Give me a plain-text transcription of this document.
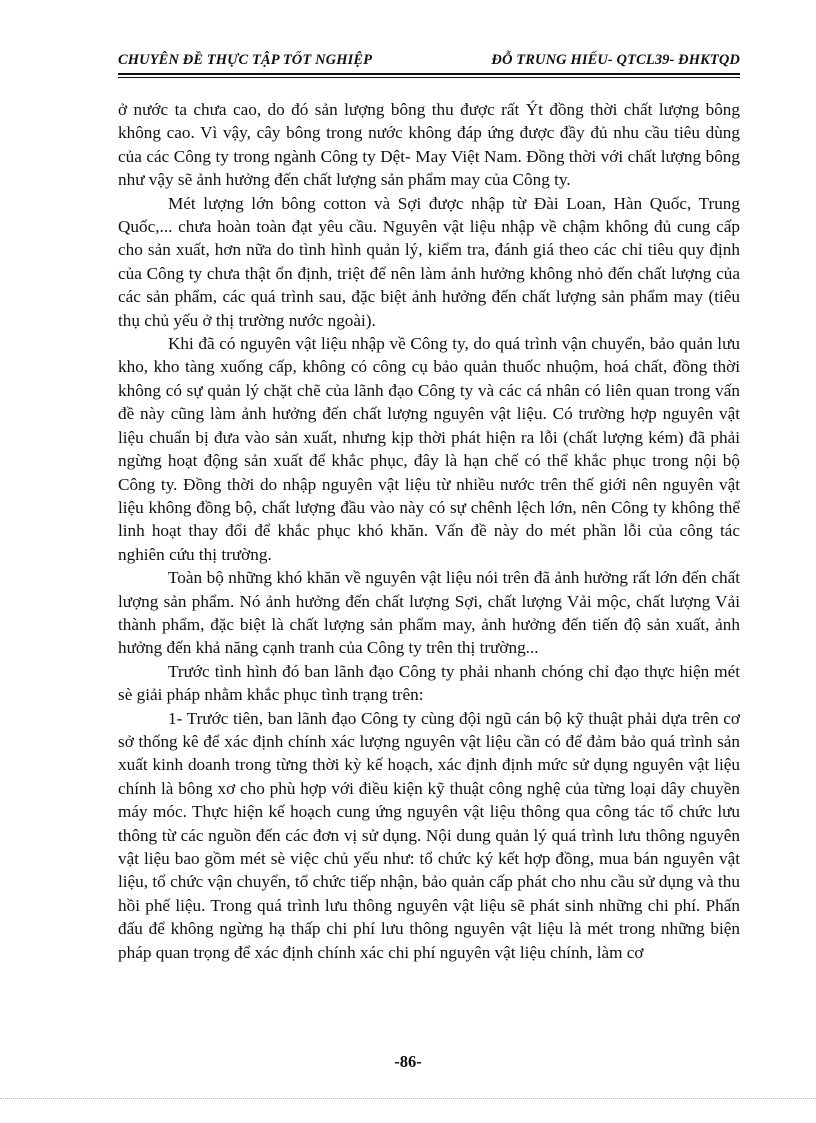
CHUYÊN ĐỀ THỰC TẬP TỐT NGHIỆP	ĐỖ TRUNG HIẾU- QTCL39- ĐHKTQD

ở nước ta chưa cao, do đó sản lượng bông thu được rất Ýt đồng thời chất lượng bông không cao. Vì vậy, cây bông trong nước không đáp ứng được đầy đủ nhu cầu tiêu dùng của các Công ty trong ngành Công ty Dệt- May Việt Nam. Đồng thời với chất lượng bông như vậy sẽ ảnh hưởng đến chất lượng sản phẩm may của Công ty.

Mét lượng lớn bông cotton và Sợi được nhập từ Đài Loan, Hàn Quốc, Trung Quốc,... chưa hoàn toàn đạt yêu cầu. Nguyên vật liệu nhập về chậm không đủ cung cấp cho sản xuất, hơn nữa do tình hình quản lý, kiểm tra, đánh giá theo các chỉ tiêu quy định của Công ty chưa thật ổn định, triệt để nên làm ảnh hưởng không nhỏ đến chất lượng của các sản phẩm, các quá trình sau, đặc biệt ảnh hưởng đến chất lượng sản phẩm may (tiêu thụ chủ yếu ở thị trường nước ngoài).

Khi đã có nguyên vật liệu nhập về Công ty, do quá trình vận chuyển, bảo quản lưu kho, kho tàng xuống cấp, không có công cụ bảo quản thuốc nhuộm, hoá chất, đồng thời không có sự quản lý chặt chẽ của lãnh đạo Công ty và các cá nhân có liên quan trong vấn đề này cũng làm ảnh hưởng đến chất lượng nguyên vật liệu. Có trường hợp nguyên vật liệu chuẩn bị đưa vào sản xuất, nhưng kịp thời phát hiện ra lỗi (chất lượng kém) đã phải ngừng hoạt động sản xuất để khắc phục, đây là hạn chế có thể khắc phục trong nội bộ Công ty. Đồng thời do nhập nguyên vật liệu từ nhiều nước trên thế giới nên nguyên vật liệu không đồng bộ, chất lượng đầu vào này có sự chênh lệch lớn, nên Công ty không thể linh hoạt thay đổi để khắc phục khó khăn. Vấn đề này do mét phần lỗi của công tác nghiên cứu thị trường.

Toàn bộ những khó khăn về nguyên vật liệu nói trên đã ảnh hưởng rất lớn đến chất lượng sản phẩm. Nó ảnh hưởng đến chất lượng Sợi, chất lượng Vải mộc, chất lượng Vải thành phẩm, đặc biệt là chất lượng sản phẩm may, ảnh hưởng đến tiến độ sản xuất, ảnh hưởng đến khả năng cạnh tranh của Công ty trên thị trường...

Trước tình hình đó ban lãnh đạo Công ty phải nhanh chóng chỉ đạo thực hiện mét sè giải pháp nhằm khắc phục tình trạng trên:

1- Trước tiên, ban lãnh đạo Công ty cùng đội ngũ cán bộ kỹ thuật phải dựa trên cơ sở thống kê để xác định chính xác lượng nguyên vật liệu cần có để đảm bảo quá trình sản xuất kinh doanh trong từng thời kỳ kế hoạch, xác định định mức sử dụng nguyên vật liệu chính là bông xơ cho phù hợp với điều kiện kỹ thuật công nghệ của từng loại dây chuyền máy móc. Thực hiện kế hoạch cung ứng nguyên vật liệu thông qua công tác tổ chức lưu thông từ các nguồn đến các đơn vị sử dụng. Nội dung quản lý quá trình lưu thông nguyên vật liệu bao gồm mét sè việc chủ yếu như: tổ chức ký kết hợp đồng, mua bán nguyên vật liệu, tổ chức vận chuyển, tổ chức tiếp nhận, bảo quản cấp phát cho nhu cầu sử dụng và thu hồi phế liệu. Trong quá trình lưu thông nguyên vật liệu sẽ phát sinh những chi phí. Phấn đấu để không ngừng hạ thấp chi phí lưu thông nguyên vật liệu là mét trong những biện pháp quan trọng để xác định chính xác chi phí nguyên vật liệu chính, làm cơ

-86-
